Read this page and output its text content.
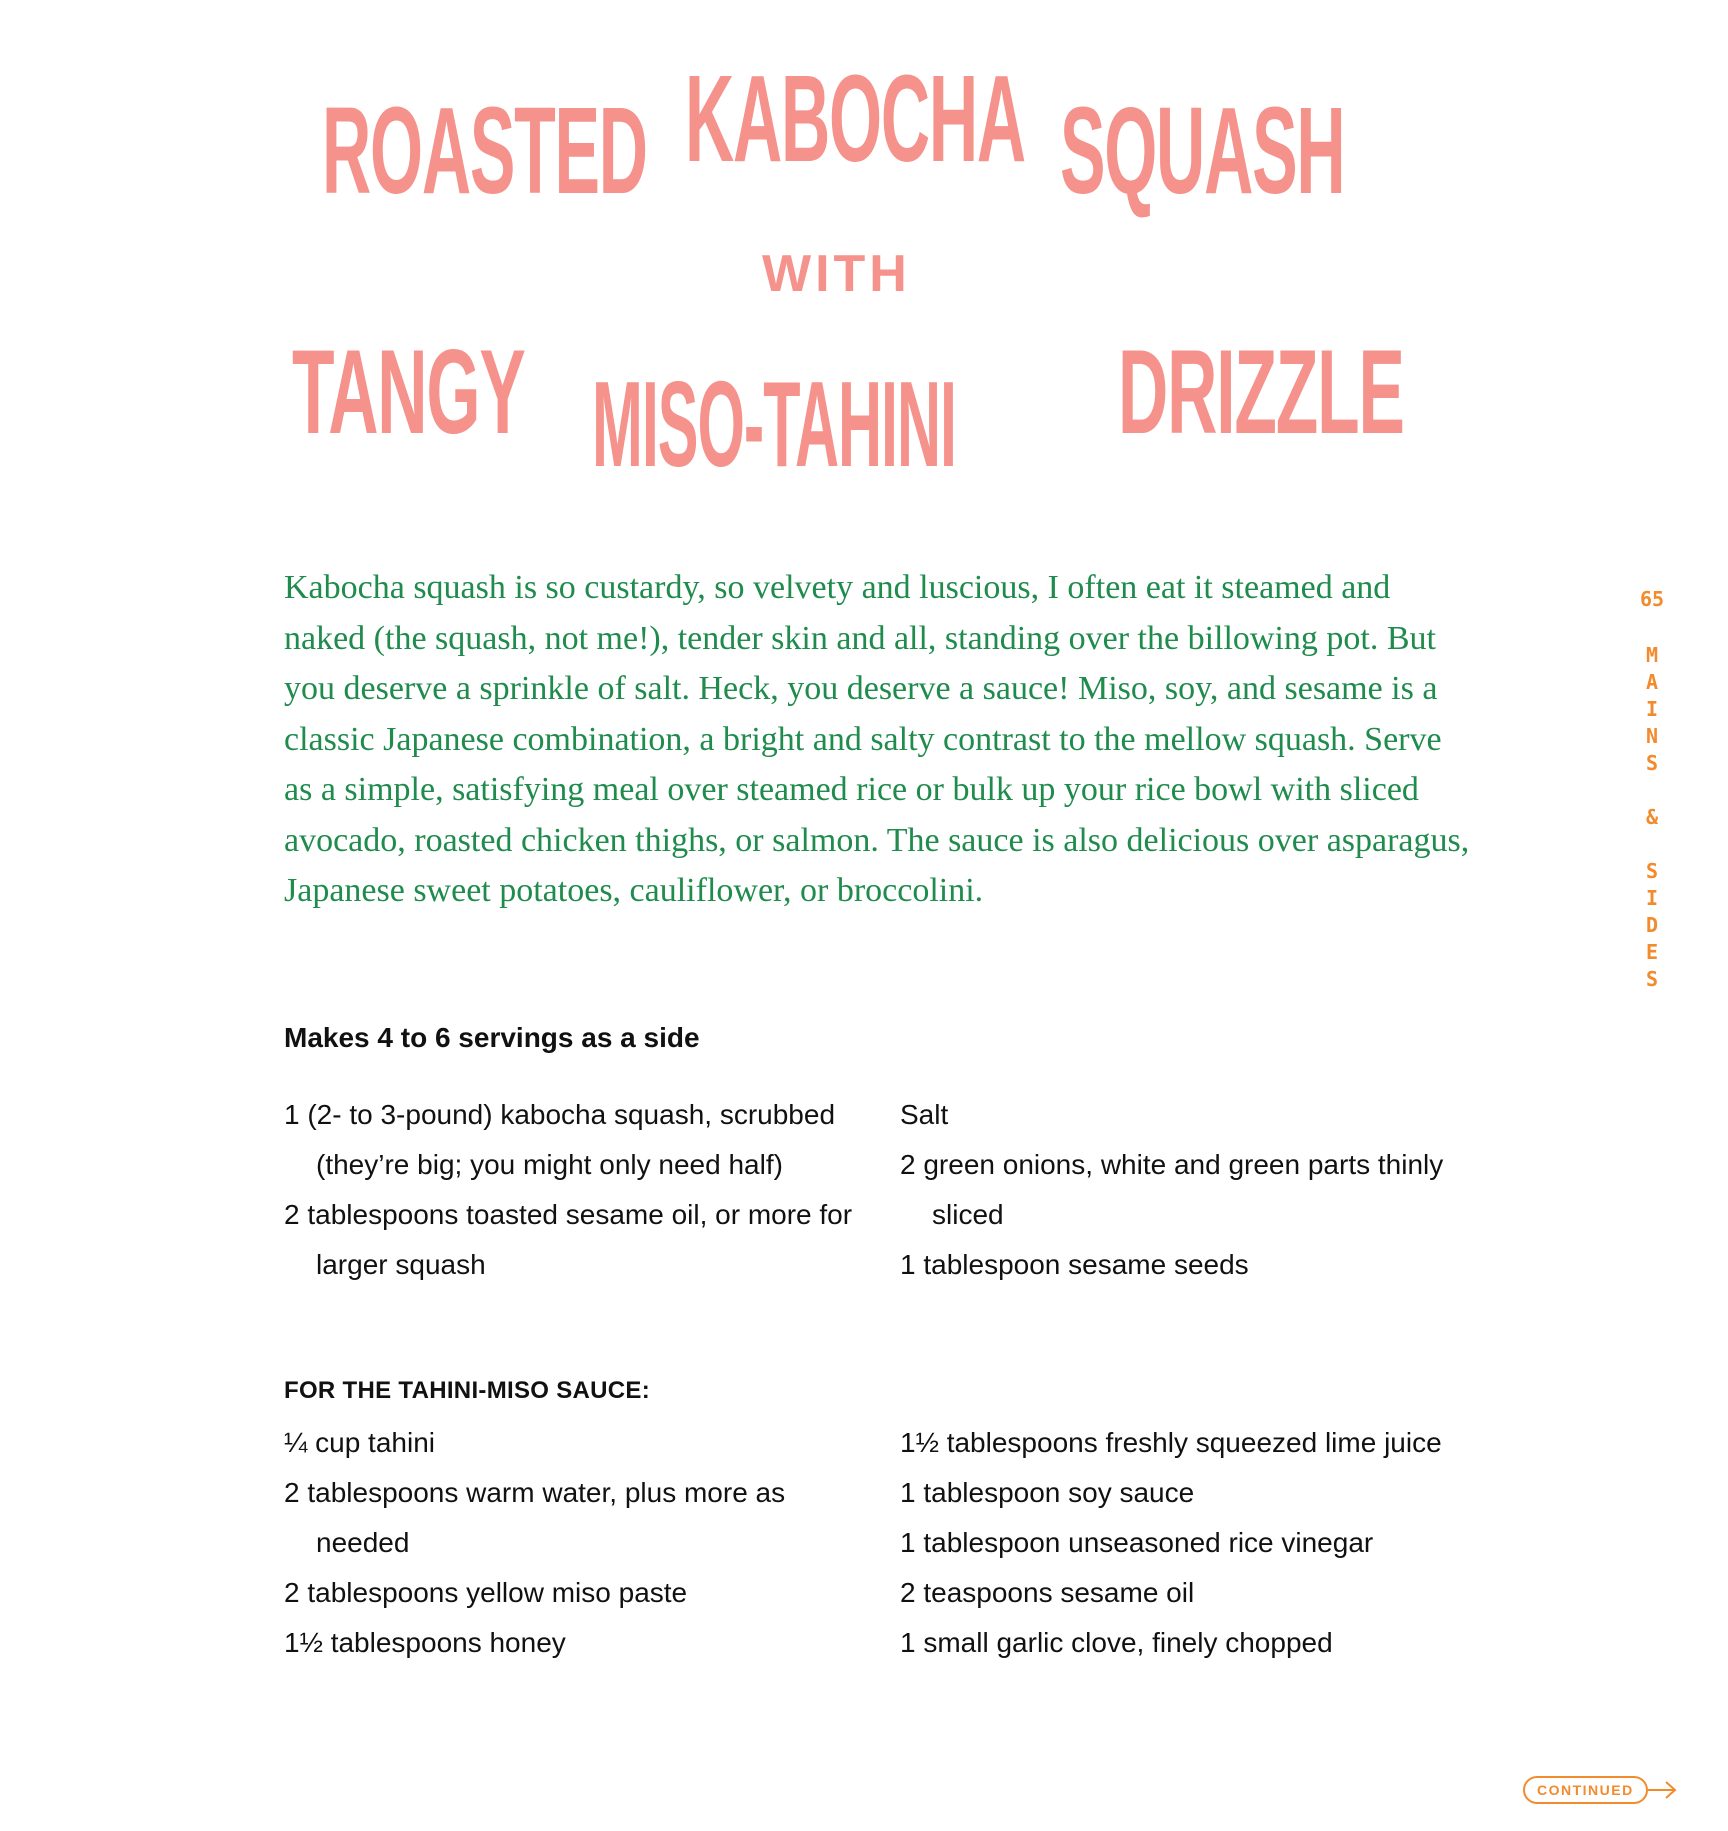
ROASTED KABOCHA SQUASH
WITH
TANGY MISO-TAHINI DRIZZLE

Kabocha squash is so custardy, so velvety and luscious, I often eat it steamed and naked (the squash, not me!), tender skin and all, standing over the billowing pot. But you deserve a sprinkle of salt. Heck, you deserve a sauce! Miso, soy, and sesame is a classic Japanese combination, a bright and salty contrast to the mellow squash. Serve as a simple, satisfying meal over steamed rice or bulk up your rice bowl with sliced avocado, roasted chicken thighs, or salmon. The sauce is also delicious over asparagus, Japanese sweet potatoes, cauliflower, or broccolini.

Makes 4 to 6 servings as a side

1 (2- to 3-pound) kabocha squash, scrubbed (they’re big; you might only need half)
2 tablespoons toasted sesame oil, or more for larger squash
Salt
2 green onions, white and green parts thinly sliced
1 tablespoon sesame seeds

FOR THE TAHINI-MISO SAUCE:

¼ cup tahini
2 tablespoons warm water, plus more as needed
2 tablespoons yellow miso paste
1½ tablespoons honey
1½ tablespoons freshly squeezed lime juice
1 tablespoon soy sauce
1 tablespoon unseasoned rice vinegar
2 teaspoons sesame oil
1 small garlic clove, finely chopped
65
M
A
I
N
S
&
S
I
D
E
S
CONTINUED
